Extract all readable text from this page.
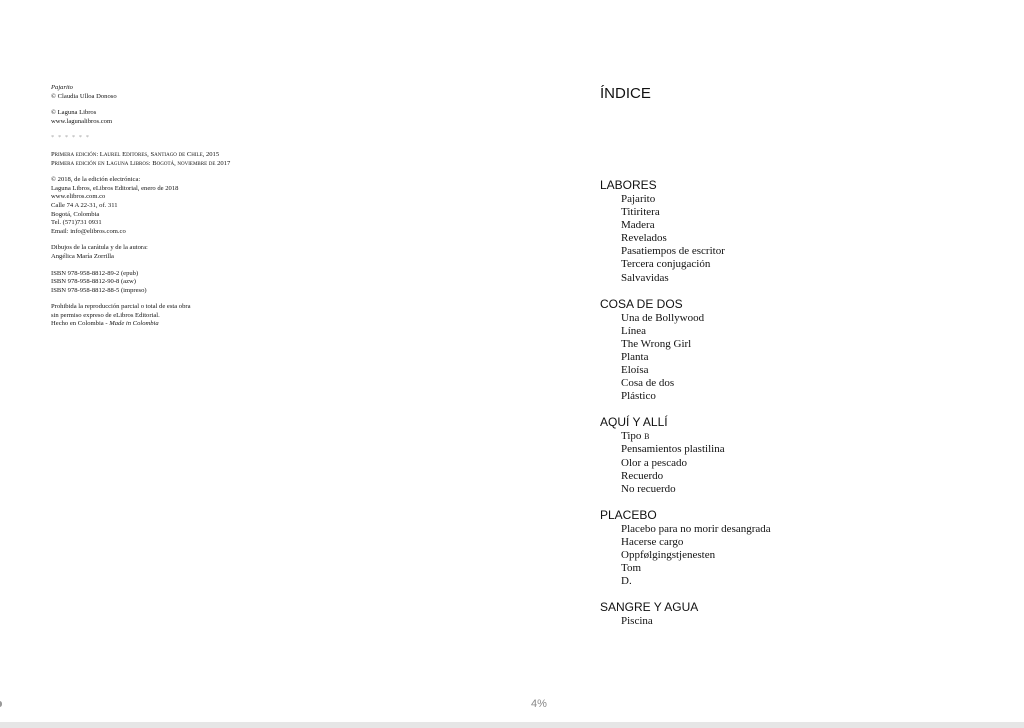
Pajarito
© Claudia Ulloa Donoso
© Laguna Libros
www.lagunalibros.com
* * * * * *
Primera edición: Laurel Editores, Santiago de Chile, 2015
Primera edición en Laguna Libros: Bogotá, noviembre de 2017
© 2018, de la edición electrónica:
Laguna Libros, eLibros Editorial, enero de 2018
www.elibros.com.co
Calle 74 A 22-31, of. 311
Bogotá, Colombia
Tel. (571)731 0931
Email: info@elibros.com.co
Dibujos de la carátula y de la autora:
Angélica María Zorrilla
ISBN 978-958-8812-89-2 (epub)
ISBN 978-958-8812-90-8 (azw)
ISBN 978-958-8812-88-5 (impreso)
Prohibida la reproducción parcial o total de esta obra
sin permiso expreso de eLibros Editorial.
Hecho en Colombia - Made in Colombia
ÍNDICE
LABORES
Pajarito
Titiritera
Madera
Revelados
Pasatiempos de escritor
Tercera conjugación
Salvavidas
COSA DE DOS
Una de Bollywood
Línea
The Wrong Girl
Planta
Eloísa
Cosa de dos
Plástico
AQUÍ Y ALLÍ
Tipo b
Pensamientos plastilina
Olor a pescado
Recuerdo
No recuerdo
PLACEBO
Placebo para no morir desangrada
Hacerse cargo
Oppfølgingstjenesten
Tom
D.
SANGRE Y AGUA
Piscina
4%
